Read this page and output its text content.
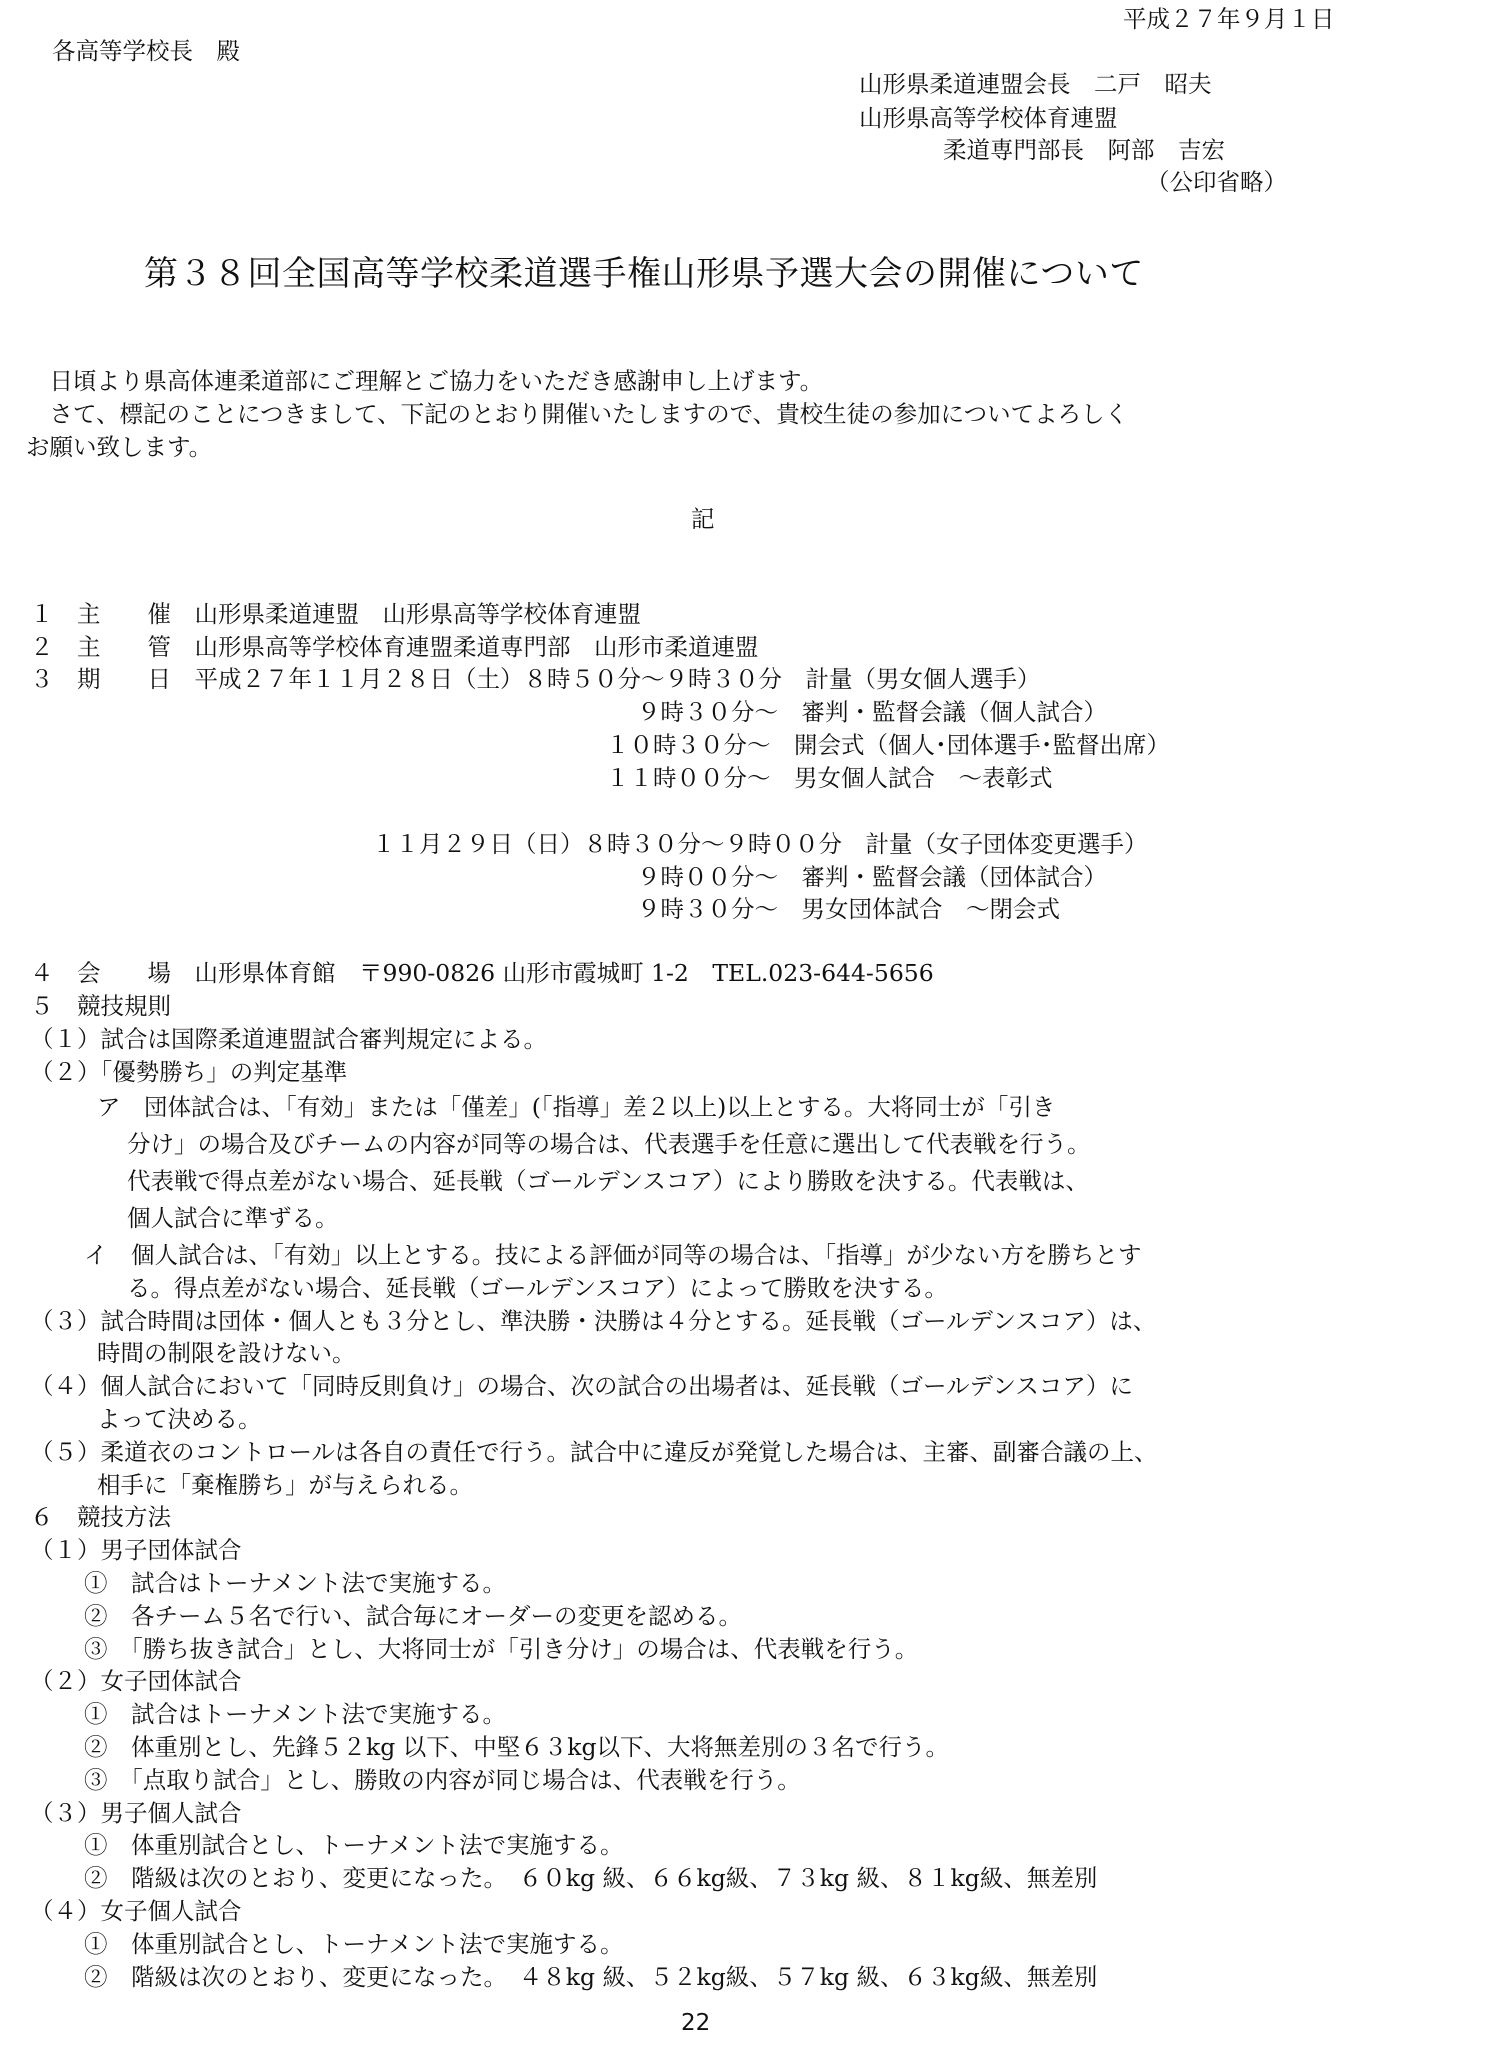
平成２７年９月１日
各高等学校長　殿
山形県柔道連盟会長　二戸　昭夫
山形県高等学校体育連盟
柔道専門部長　阿部　吉宏
（公印省略）
第３８回全国高等学校柔道選手権山形県予選大会の開催について
　日頃より県高体連柔道部にご理解とご協力をいただき感謝申し上げます。
　さて、標記のことにつきまして、下記のとおり開催いたしますので、貴校生徒の参加についてよろしく
お願い致します。
記
１　主　　催　山形県柔道連盟　山形県高等学校体育連盟
２　主　　管　山形県高等学校体育連盟柔道専門部　山形市柔道連盟
３　期　　日　平成２７年１１月２８日（土）８時５０分～９時３０分　計量（男女個人選手）
９時３０分～　審判・監督会議（個人試合）
１０時３０分～　開会式（個人･団体選手･監督出席）
１１時００分～　男女個人試合　～表彰式
１１月２９日（日）８時３０分～９時００分　計量（女子団体変更選手）
９時００分～　審判・監督会議（団体試合）
９時３０分～　男女団体試合　～閉会式
４　会　　場　山形県体育館　〒990-0826 山形市霞城町 1-2　TEL.023-644-5656
５　競技規則
（１）試合は国際柔道連盟試合審判規定による。
（２）「優勢勝ち」の判定基準
ア　団体試合は、「有効」または「僅差」(「指導」差２以上)以上とする。大将同士が「引き
分け」の場合及びチームの内容が同等の場合は、代表選手を任意に選出して代表戦を行う。
代表戦で得点差がない場合、延長戦（ゴールデンスコア）により勝敗を決する。代表戦は、
個人試合に準ずる。
イ　個人試合は、「有効」以上とする。技による評価が同等の場合は、「指導」が少ない方を勝ちとす
る。得点差がない場合、延長戦（ゴールデンスコア）によって勝敗を決する。
（３）試合時間は団体・個人とも３分とし、準決勝・決勝は４分とする。延長戦（ゴールデンスコア）は、
時間の制限を設けない。
（４）個人試合において「同時反則負け」の場合、次の試合の出場者は、延長戦（ゴールデンスコア）に
よって決める。
（５）柔道衣のコントロールは各自の責任で行う。試合中に違反が発覚した場合は、主審、副審合議の上、
相手に「棄権勝ち」が与えられる。
６　競技方法
（１）男子団体試合
①　試合はトーナメント法で実施する。
②　各チーム５名で行い、試合毎にオーダーの変更を認める。
③　「勝ち抜き試合」とし、大将同士が「引き分け」の場合は、代表戦を行う。
（２）女子団体試合
①　試合はトーナメント法で実施する。
②　体重別とし、先鋒５２kg 以下、中堅６３kg以下、大将無差別の３名で行う。
③　「点取り試合」とし、勝敗の内容が同じ場合は、代表戦を行う。
（３）男子個人試合
①　体重別試合とし、トーナメント法で実施する。
②　階級は次のとおり、変更になった。　６０kg 級、６６kg級、７３kg 級、８１kg級、無差別
（４）女子個人試合
①　体重別試合とし、トーナメント法で実施する。
②　階級は次のとおり、変更になった。　４８kg 級、５２kg級、５７kg 級、６３kg級、無差別
22
